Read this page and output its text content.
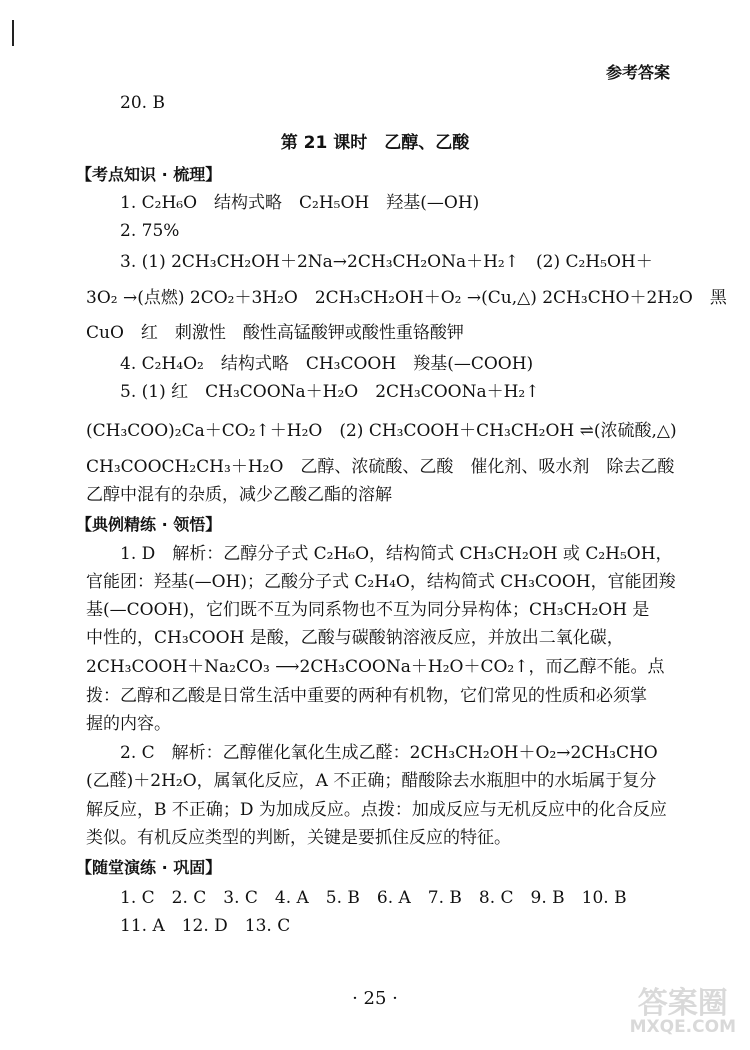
参考答案
20. B
第 21 课时　乙醇、乙酸
【考点知识 · 梳理】
1. C₂H₆O　结构式略　C₂H₅OH　羟基(—OH)
2. 75%
3. (1) 2CH₃CH₂OH＋2Na→2CH₃CH₂ONa＋H₂↑　(2) C₂H₅OH＋
3O₂ →(点燃) 2CO₂＋3H₂O　2CH₃CH₂OH＋O₂ →(Cu,△) 2CH₃CHO＋2H₂O　黑
CuO　红　刺激性　酸性高锰酸钾或酸性重铬酸钾
4. C₂H₄O₂　结构式略　CH₃COOH　羧基(—COOH)
5. (1) 红　CH₃COONa＋H₂O　2CH₃COONa＋H₂↑
(CH₃COO)₂Ca＋CO₂↑＋H₂O　(2) CH₃COOH＋CH₃CH₂OH ⇌(浓硫酸,△)
CH₃COOCH₂CH₃＋H₂O　乙醇、浓硫酸、乙酸　催化剂、吸水剂　除去乙酸
乙醇中混有的杂质，减少乙酸乙酯的溶解
【典例精练 · 领悟】
1. D　解析：乙醇分子式 C₂H₆O，结构简式 CH₃CH₂OH 或 C₂H₅OH，
官能团：羟基(—OH)；乙酸分子式 C₂H₄O，结构简式 CH₃COOH，官能团羧
基(—COOH)，它们既不互为同系物也不互为同分异构体；CH₃CH₂OH 是
中性的，CH₃COOH 是酸，乙酸与碳酸钠溶液反应，并放出二氧化碳，
2CH₃COOH＋Na₂CO₃ ⟶2CH₃COONa＋H₂O＋CO₂↑，而乙醇不能。点
拨：乙醇和乙酸是日常生活中重要的两种有机物，它们常见的性质和必须掌
握的内容。
2. C　解析：乙醇催化氧化生成乙醛：2CH₃CH₂OH＋O₂→2CH₃CHO
(乙醛)＋2H₂O，属氧化反应，A 不正确；醋酸除去水瓶胆中的水垢属于复分
解反应，B 不正确；D 为加成反应。点拨：加成反应与无机反应中的化合反应
类似。有机反应类型的判断，关键是要抓住反应的特征。
【随堂演练 · 巩固】
1. C　2. C　3. C　4. A　5. B　6. A　7. B　8. C　9. B　10. B
11. A　12. D　13. C
· 25 ·	答案圈
MXQE.COM
